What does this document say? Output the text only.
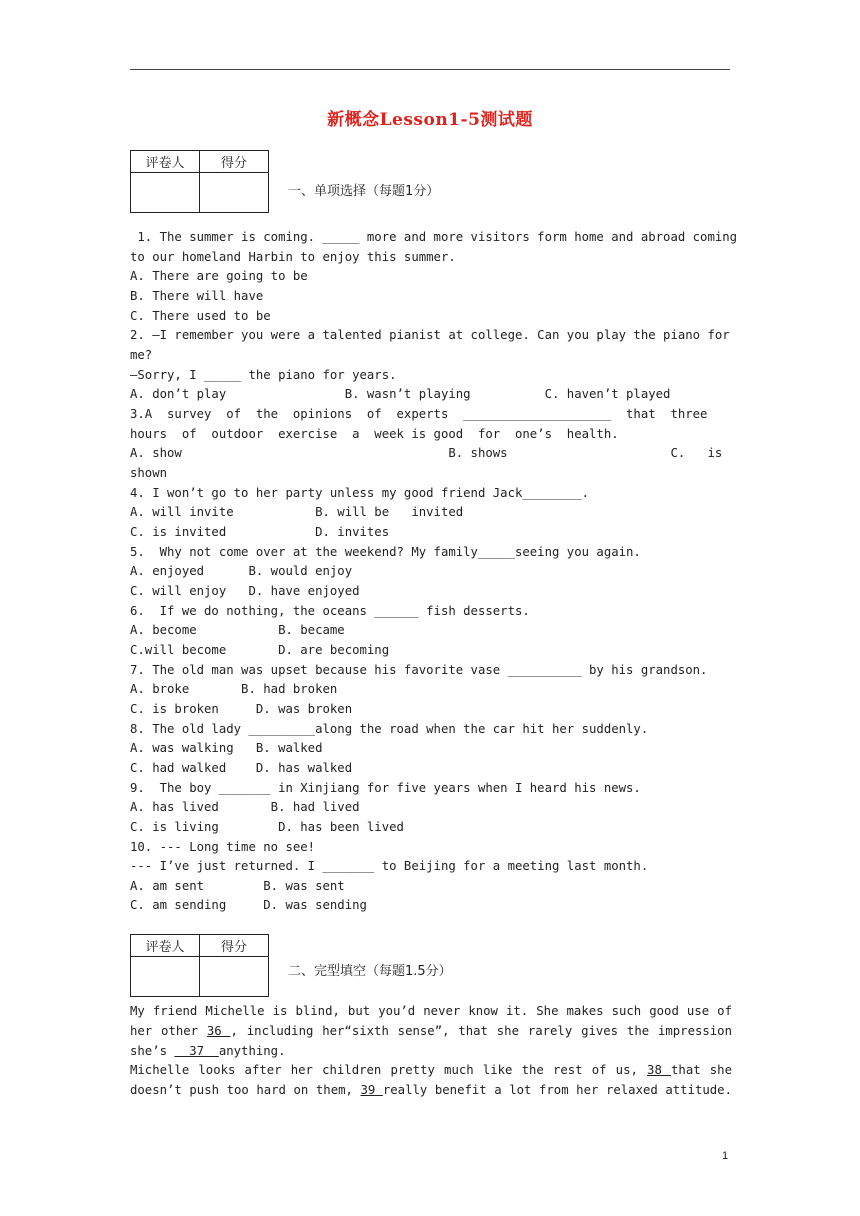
新概念Lesson1-5测试题
评卷人	得分

一、单项选择（每题1分）
1. The summer is coming. _____ more and more visitors form home and abroad coming
to our homeland Harbin to enjoy this summer.
A. There are going to be
B. There will have
C. There used to be
2. —I remember you were a talented pianist at college. Can you play the piano for
me?
—Sorry, I _____ the piano for years.
A. don’t play                B. wasn’t playing          C. haven’t played
3.A  survey  of  the  opinions  of  experts  ____________________  that  three
hours  of  outdoor  exercise  a  week is good  for  one’s  health.
A. show                                    B. shows                      C.   is
shown
4. I won’t go to her party unless my good friend Jack________.
A. will invite           B. will be   invited
C. is invited            D. invites
5.  Why not come over at the weekend? My family_____seeing you again.
A. enjoyed      B. would enjoy
C. will enjoy   D. have enjoyed
6.  If we do nothing, the oceans ______ fish desserts.
A. become           B. became
C.will become       D. are becoming
7. The old man was upset because his favorite vase __________ by his grandson.
A. broke       B. had broken
C. is broken     D. was broken
8. The old lady _________along the road when the car hit her suddenly.
A. was walking   B. walked
C. had walked    D. has walked
9.  The boy _______ in Xinjiang for five years when I heard his news.
A. has lived       B. had lived
C. is living        D. has been lived
10. --- Long time no see!
--- I’ve just returned. I _______ to Beijing for a meeting last month.
A. am sent        B. was sent
C. am sending     D. was sending
评卷人	得分

二、完型填空（每题1.5分）
My friend Michelle is blind, but you’d never know it. She makes such good use of
her other 36 , including her“sixth sense”, that she rarely gives the impression
she’s   37  anything.
Michelle looks after her children pretty much like the rest of us, 38 that she
doesn’t push too hard on them, 39 really benefit a lot from her relaxed attitude.
1
